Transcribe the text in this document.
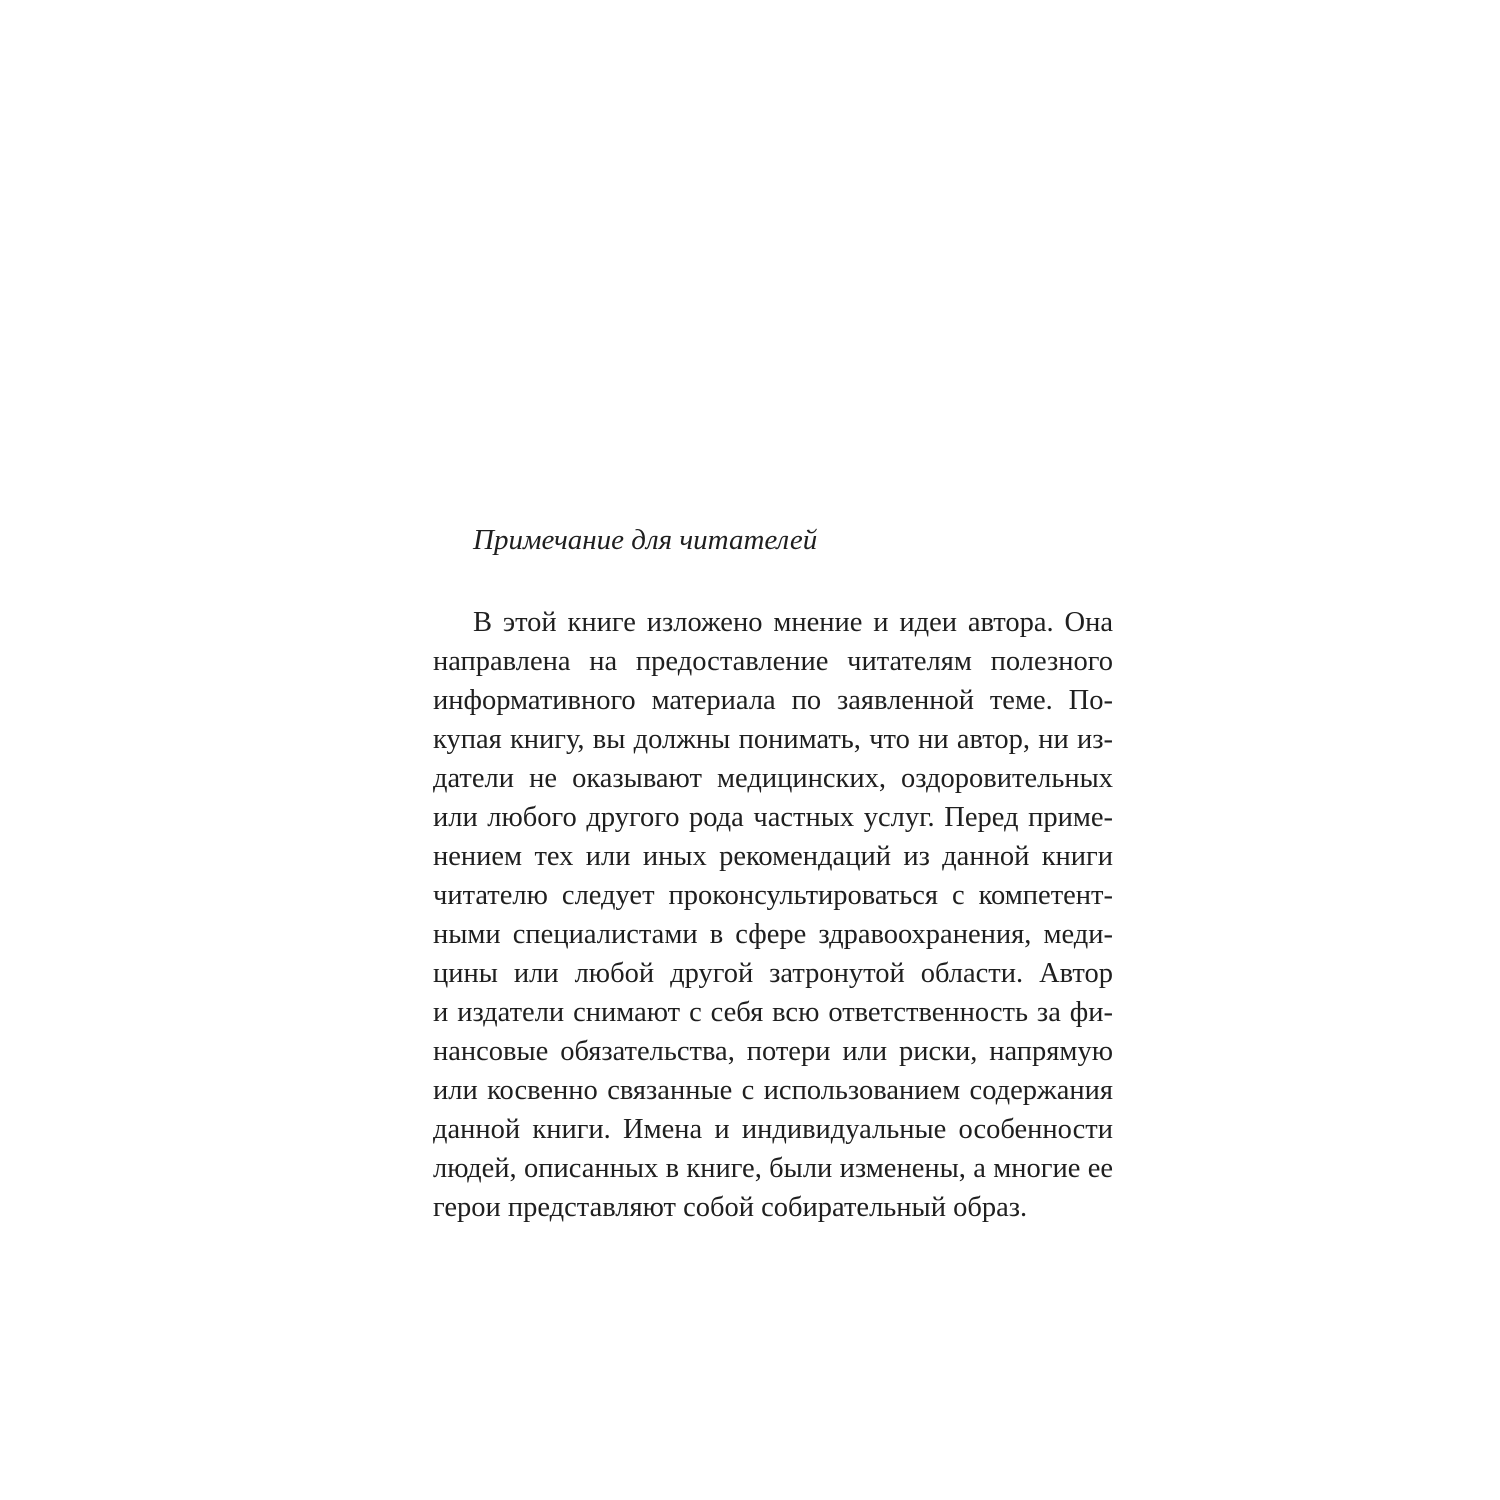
Примечание для читателей

В этой книге изложено мнение и идеи автора. Она
направлена на предоставление читателям полезного
информативного материала по заявленной теме. По-
купая книгу, вы должны понимать, что ни автор, ни из-
датели не оказывают медицинских, оздоровительных
или любого другого рода частных услуг. Перед приме-
нением тех или иных рекомендаций из данной книги
читателю следует проконсультироваться с компетент-
ными специалистами в сфере здравоохранения, меди-
цины или любой другой затронутой области. Автор
и издатели снимают с себя всю ответственность за фи-
нансовые обязательства, потери или риски, напрямую
или косвенно связанные с использованием содержания
данной книги. Имена и индивидуальные особенности
людей, описанных в книге, были изменены, а многие ее
герои представляют собой собирательный образ.
